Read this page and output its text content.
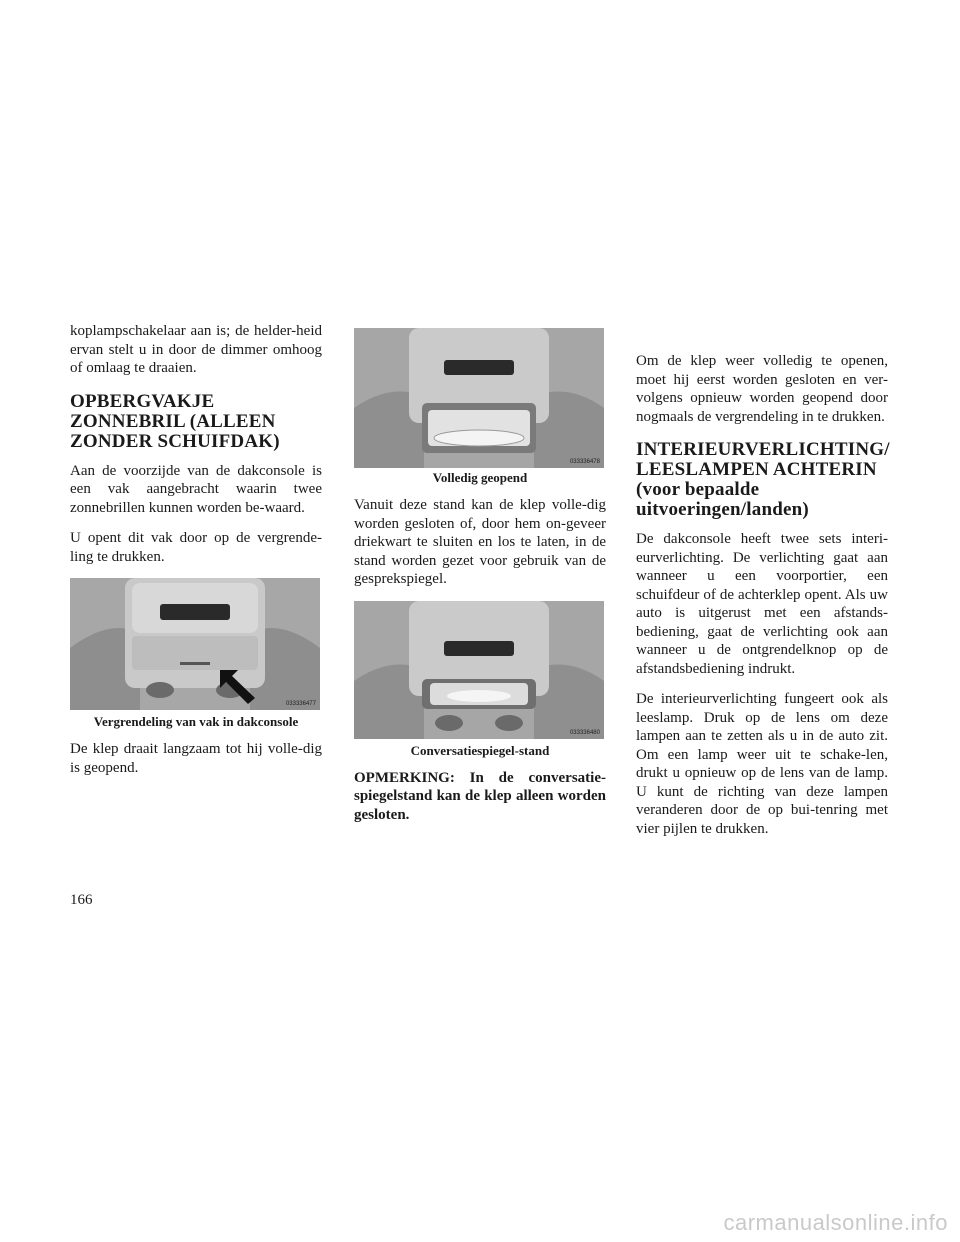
koplampschakelaar aan is; de helder-heid ervan stelt u in door de dimmer omhoog of omlaag te draaien.

OPBERGVAKJE ZONNEBRIL (ALLEEN ZONDER SCHUIFDAK)

Aan de voorzijde van de dakconsole is een vak aangebracht waarin twee zonnebrillen kunnen worden be-waard.

U opent dit vak door op de vergrende-ling te drukken.

033336477
Vergrendeling van vak in dakconsole

De klep draait langzaam tot hij volle-dig is geopend.

033336478
Volledig geopend

Vanuit deze stand kan de klep volle-dig worden gesloten of, door hem on-geveer driekwart te sluiten en los te laten, in de stand worden gezet voor gebruik van de gesprekspiegel.

033336480
Conversatiespiegel-stand

OPMERKING: In de conversatie-spiegelstand kan de klep alleen worden gesloten.

Om de klep weer volledig te openen, moet hij eerst worden gesloten en ver-volgens opnieuw worden geopend door nogmaals de vergrendeling in te drukken.

INTERIEURVERLICHTING/ LEESLAMPEN ACHTERIN (voor bepaalde uitvoeringen/landen)

De dakconsole heeft twee sets interi-eurverlichting. De verlichting gaat aan wanneer u een voorportier, een schuifdeur of de achterklep opent. Als uw auto is uitgerust met een afstands-bediening, gaat de verlichting ook aan wanneer u de ontgrendelknop op de afstandsbediening indrukt.

De interieurverlichting fungeert ook als leeslamp. Druk op de lens om deze lampen aan te zetten als u in de auto zit. Om een lamp weer uit te schake-len, drukt u opnieuw op de lens van de lamp. U kunt de richting van deze lampen veranderen door de op bui-tenring met vier pijlen te drukken.

166
carmanualsonline.info
